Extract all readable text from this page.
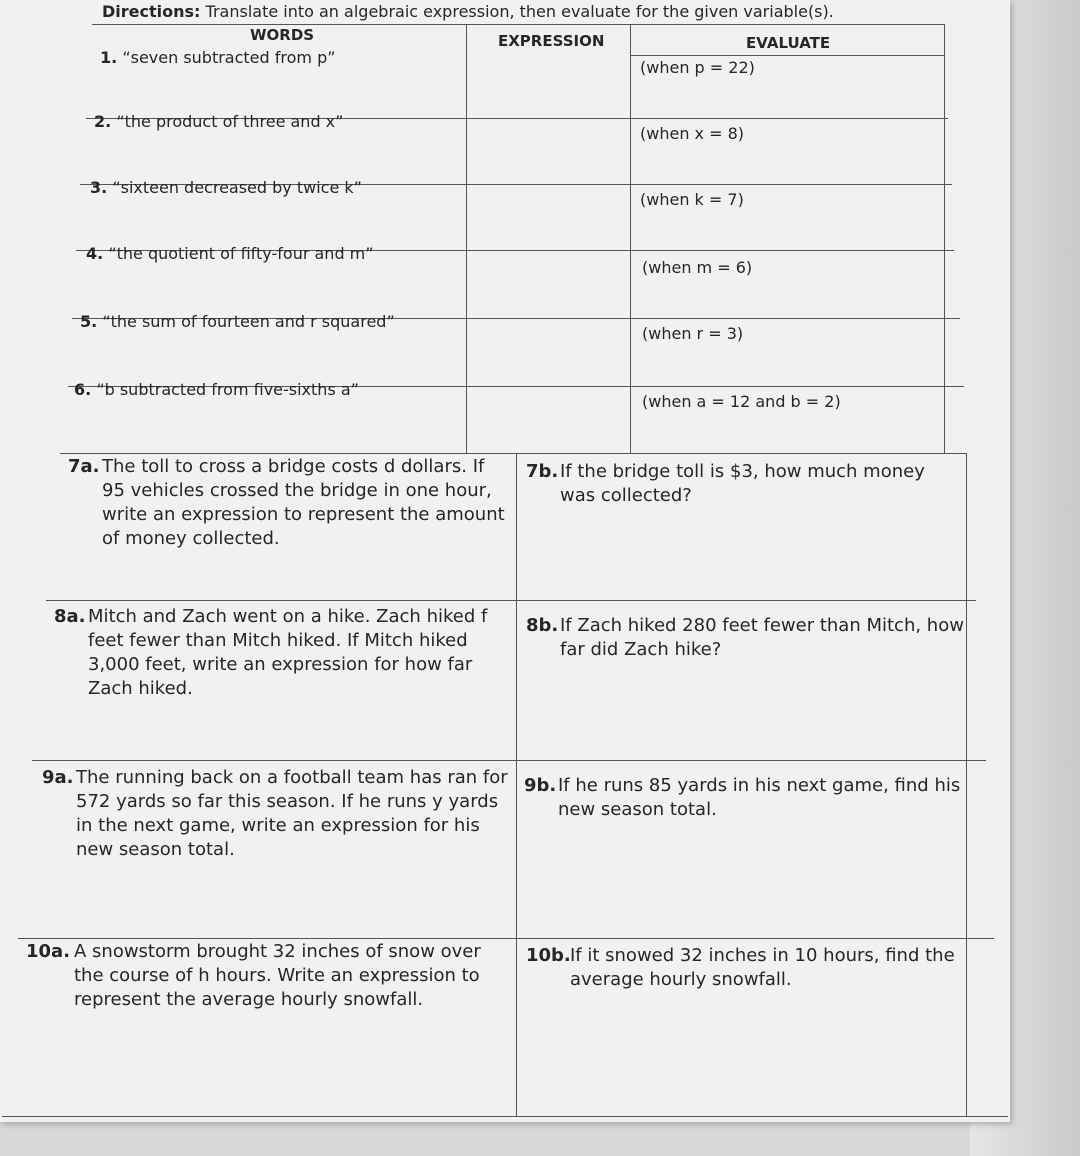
Directions: Translate into an algebraic expression, then evaluate for the given variable(s).
WORDS	EXPRESSION	EVALUATE
1. “seven subtracted from p”
(when p = 22)
2. “the product of three and x”
(when x = 8)
3. “sixteen decreased by twice k”
(when k = 7)
4. “the quotient of fifty-four and m”
(when m = 6)
5. “the sum of fourteen and r squared”
(when r = 3)
6. “b subtracted from five-sixths a”
(when a = 12 and b = 2)
7a. The toll to cross a bridge costs d dollars. If 95 vehicles crossed the bridge in one hour, write an expression to represent the amount of money collected.
7b. If the bridge toll is $3, how much money was collected?
8a. Mitch and Zach went on a hike. Zach hiked f feet fewer than Mitch hiked. If Mitch hiked 3,000 feet, write an expression for how far Zach hiked.
8b. If Zach hiked 280 feet fewer than Mitch, how far did Zach hike?
9a. The running back on a football team has ran for 572 yards so far this season. If he runs y yards in the next game, write an expression for his new season total.
9b. If he runs 85 yards in his next game, find his new season total.
10a. A snowstorm brought 32 inches of snow over the course of h hours. Write an expression to represent the average hourly snowfall.
10b. If it snowed 32 inches in 10 hours, find the average hourly snowfall.
